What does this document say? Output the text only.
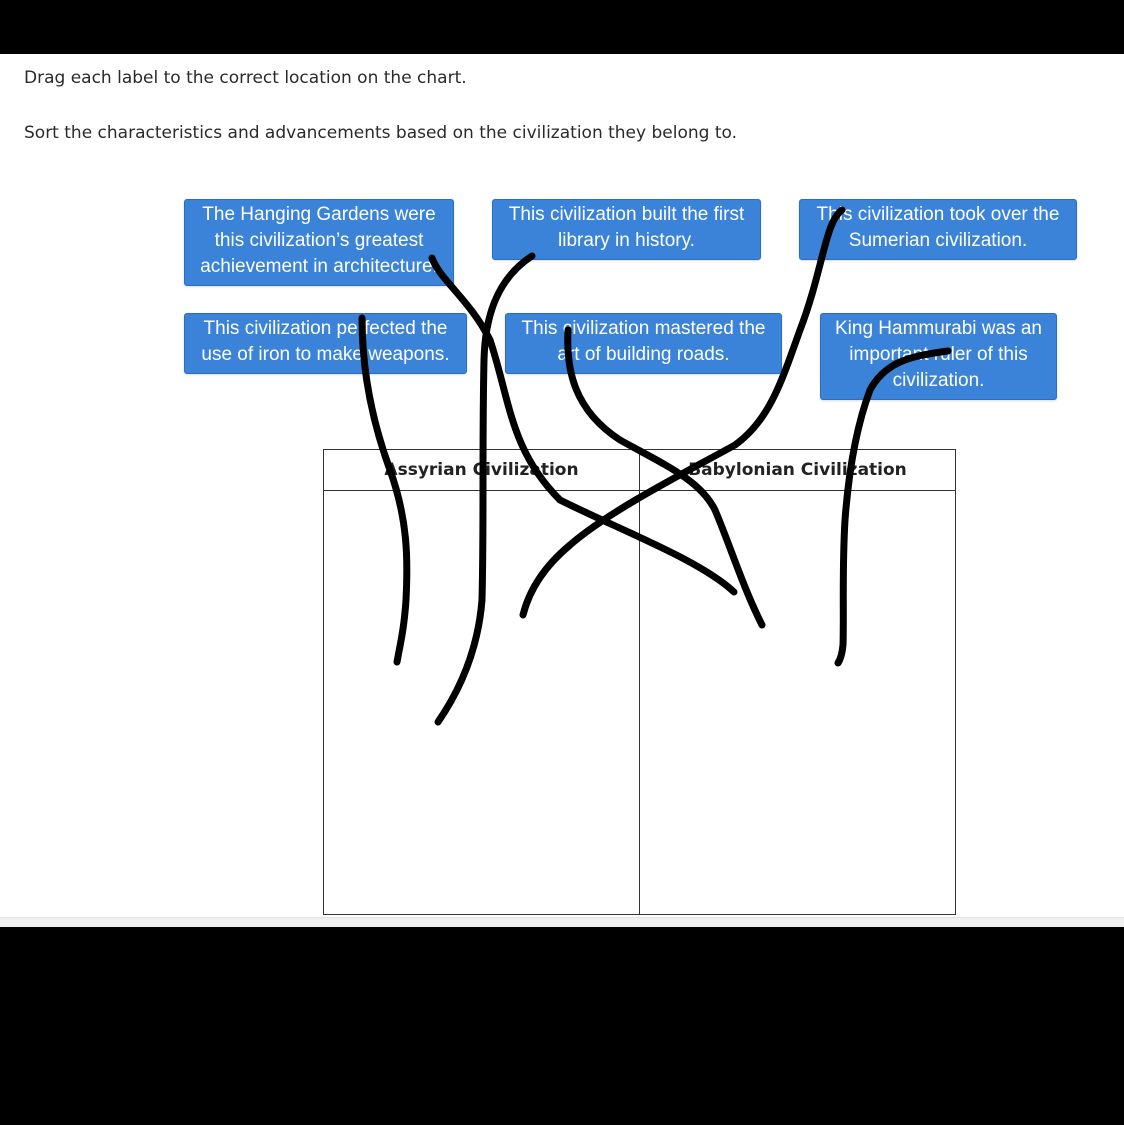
Drag each label to the correct location on the chart.

Sort the characteristics and advancements based on the civilization they belong to.

The Hanging Gardens were this civilization’s greatest achievement in architecture.
This civilization built the first library in history.
This civilization took over the Sumerian civilization.
This civilization perfected the use of iron to make weapons.
This civilization mastered the art of building roads.
King Hammurabi was an important ruler of this civilization.
Assyrian Civilization	Babylonian Civilization
